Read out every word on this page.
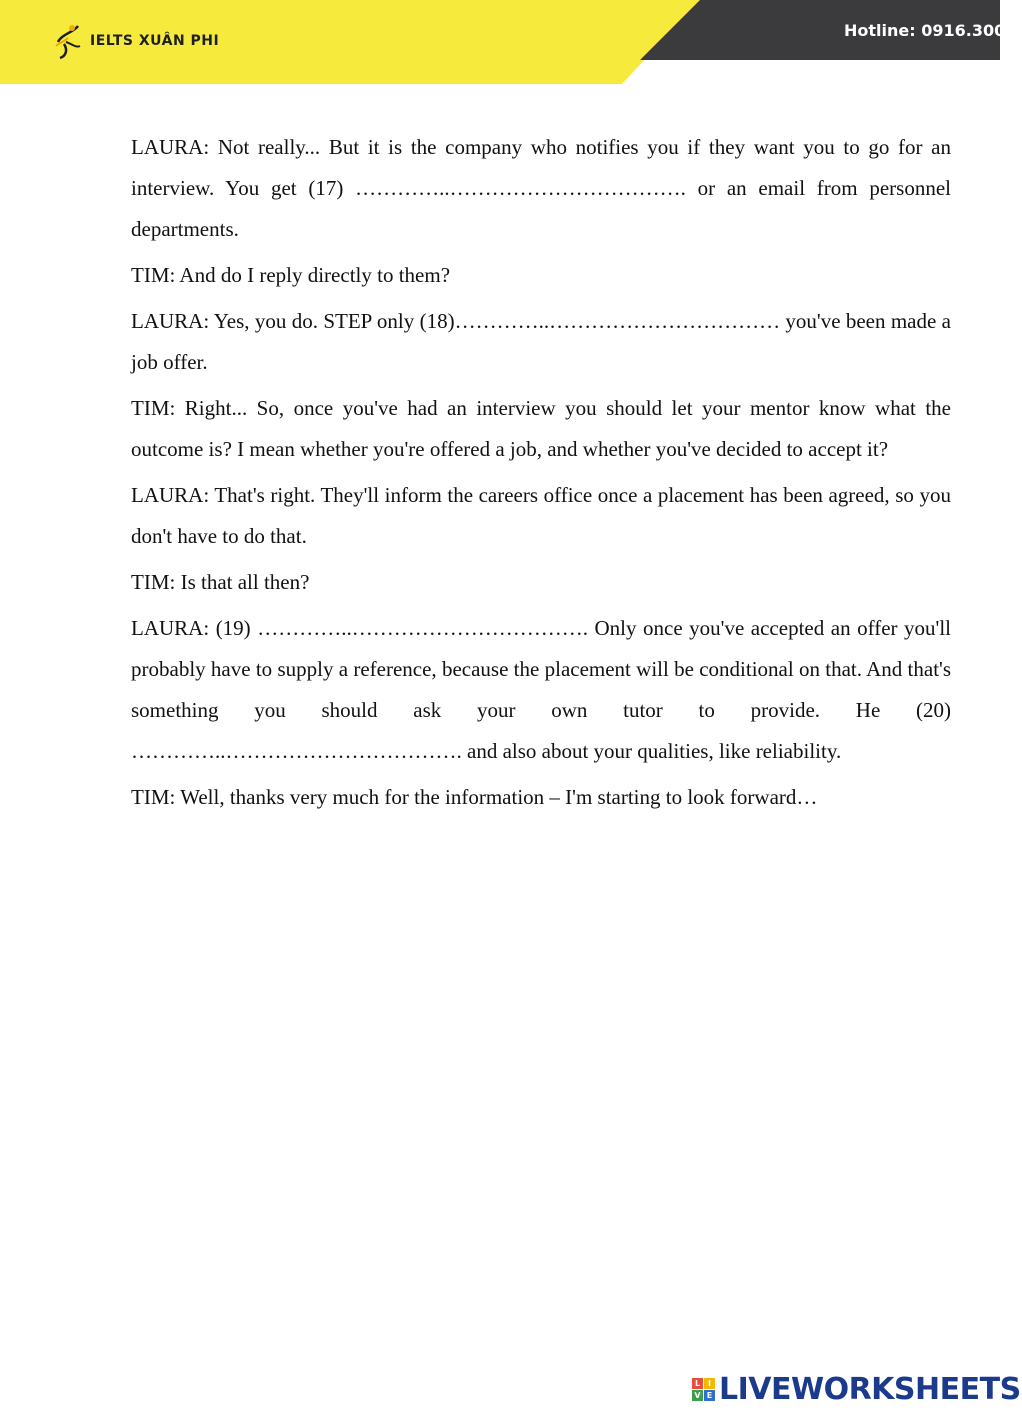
IELTS XUÂN PHI
Hotline: 0916.300.7

LAURA: Not really... But it is the company who notifies you if they want you to go for an interview. You get (17) …………..……………………………. or an email from personnel departments.

TIM: And do I reply directly to them?

LAURA: Yes, you do. STEP only (18)…………..…………………………… you've been made a job offer.

TIM: Right... So, once you've had an interview you should let your mentor know what the outcome is? I mean whether you're offered a job, and whether you've decided to accept it?

LAURA: That's right. They'll inform the careers office once a placement has been agreed, so you don't have to do that.

TIM: Is that all then?

LAURA: (19) …………..……………………………. Only once you've accepted an offer you'll probably have to supply a reference, because the placement will be conditional on that. And that's something you should ask your own tutor to provide. He (20) …………..……………………………. and also about your qualities, like reliability.

TIM: Well, thanks very much for the information – I'm starting to look forward…

L I
V E LIVEWORKSHEETS
